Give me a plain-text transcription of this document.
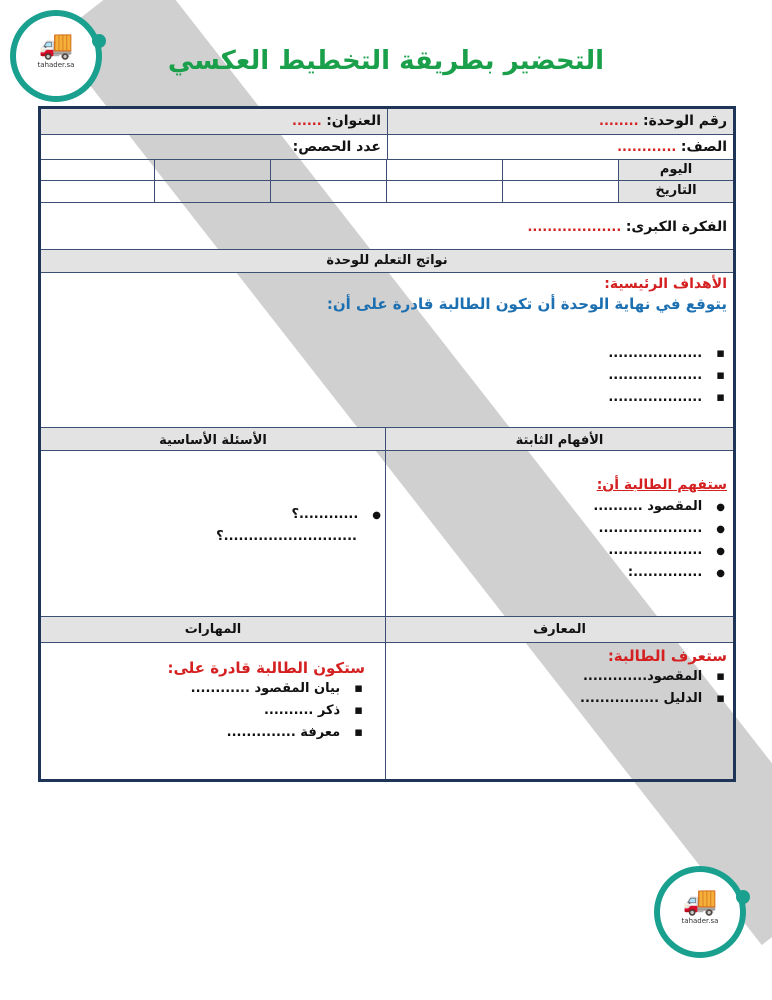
التحضير بطريقة التخطيط العكسي
رقم الوحدة: ........
العنوان: ......
الصف: ............
عدد الحصص:
اليوم
التاريخ
الفكرة الكبرى: ...................
نواتج التعلم للوحدة
الأهداف الرئيسية:
يتوقع في نهاية الوحدة أن تكون الطالبة قادرة على أن:
▪ ...................
▪ ...................
▪ ...................
الأفهام الثابتة
الأسئلة الأساسية
ستفهم الطالبة أن:
● المقصود ..........
● .....................
● ...................
● ..............:
● ............؟
...........................؟
المعارف
المهارات
ستعرف الطالبة:
▪ المقصود.............
▪ الدليل ................
ستكون الطالبة قادرة على:
▪ بيان المقصود ............
▪ ذكر ..........
▪ معرفة ..............
🚚
tahader.sa
🚚
tahader.sa
